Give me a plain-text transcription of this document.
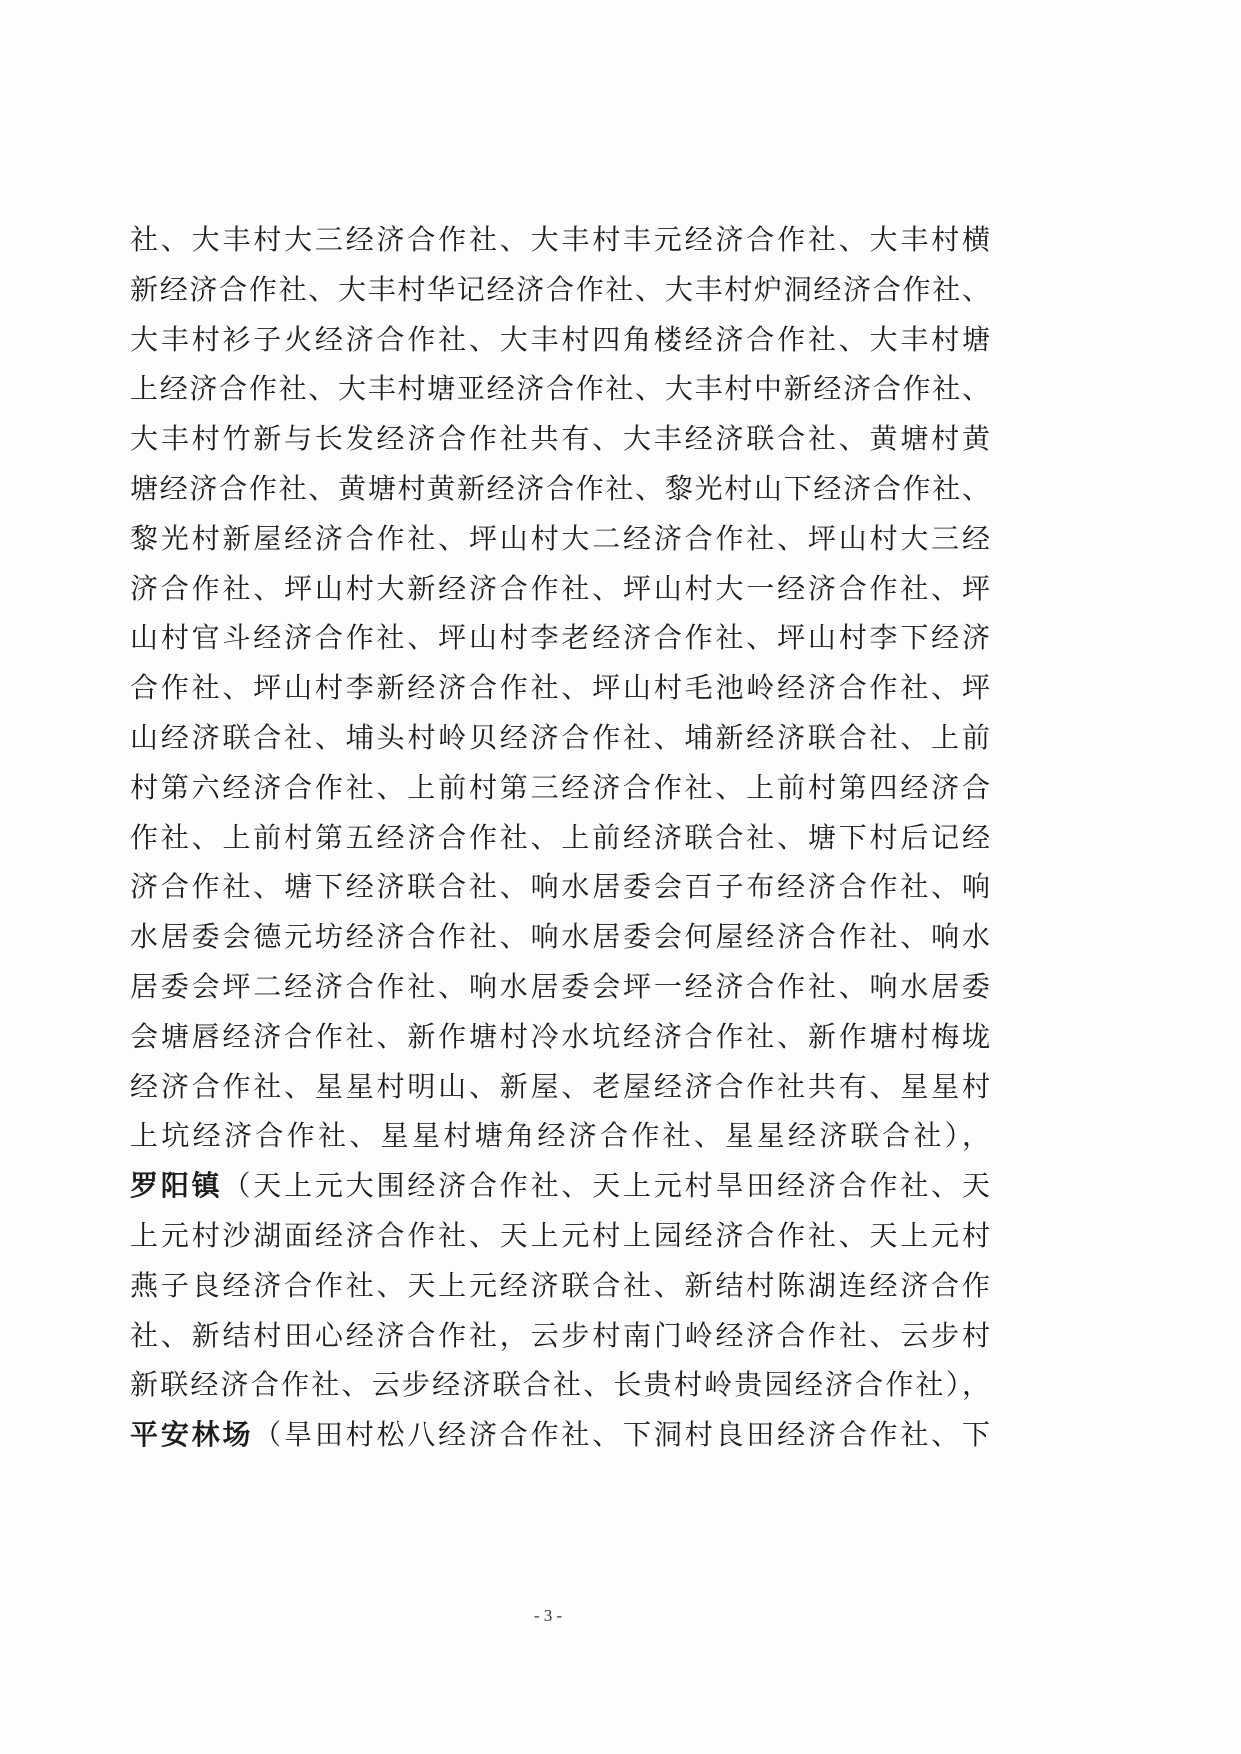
社、大丰村大三经济合作社、大丰村丰元经济合作社、大丰村横
新经济合作社、大丰村华记经济合作社、大丰村炉洞经济合作社、
大丰村衫子火经济合作社、大丰村四角楼经济合作社、大丰村塘
上经济合作社、大丰村塘亚经济合作社、大丰村中新经济合作社、
大丰村竹新与长发经济合作社共有、大丰经济联合社、黄塘村黄
塘经济合作社、黄塘村黄新经济合作社、黎光村山下经济合作社、
黎光村新屋经济合作社、坪山村大二经济合作社、坪山村大三经
济合作社、坪山村大新经济合作社、坪山村大一经济合作社、坪
山村官斗经济合作社、坪山村李老经济合作社、坪山村李下经济
合作社、坪山村李新经济合作社、坪山村毛池岭经济合作社、坪
山经济联合社、埔头村岭贝经济合作社、埔新经济联合社、上前
村第六经济合作社、上前村第三经济合作社、上前村第四经济合
作社、上前村第五经济合作社、上前经济联合社、塘下村后记经
济合作社、塘下经济联合社、响水居委会百子布经济合作社、响
水居委会德元坊经济合作社、响水居委会何屋经济合作社、响水
居委会坪二经济合作社、响水居委会坪一经济合作社、响水居委
会塘唇经济合作社、新作塘村冷水坑经济合作社、新作塘村梅垅
经济合作社、星星村明山、新屋、老屋经济合作社共有、星星村
上坑经济合作社、星星村塘角经济合作社、星星经济联合社），
罗阳镇（天上元大围经济合作社、天上元村旱田经济合作社、天
上元村沙湖面经济合作社、天上元村上园经济合作社、天上元村
燕子良经济合作社、天上元经济联合社、新结村陈湖连经济合作
社、新结村田心经济合作社，云步村南门岭经济合作社、云步村
新联经济合作社、云步经济联合社、长贵村岭贵园经济合作社），
平安林场（旱田村松八经济合作社、下洞村良田经济合作社、下
- 3 -
